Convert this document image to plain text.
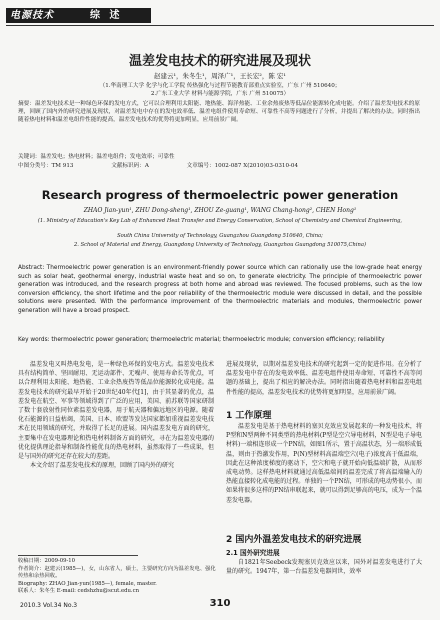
电源技术	综 述
温差发电技术的研究进展及现状
赵建云¹，朱冬生¹，周泽广¹，王长宏²，陈 宏¹
（1.华南理工大学 化学与化工学院 传热强化与过程节能教育部重点实验室，广东 广州 510640；
2.广东工业大学 材料与能源学院，广东 广州 510075）
摘要：温差发电技术是一种绿色环保的发电方式，它可以合理利用太阳能、地热能、海洋热能、工业余热废热等低品位能源转化成电能。介绍了温差发电技术的原理，回顾了国内外的研究进展及现状，对温差发电中存在的发电效率低、温差电组件使用寿命短、可靠性不高等问题进行了分析，并提出了解决的办法。同时指出随着热电材料和温差电组件性能的提高，温差发电技术的优势将更加明显，应用前景广阔。
关键词：温差发电；热电材料；温差电组件；发电效率；可靠性
中图分类号：TM 913	文献标识码：A	文章编号：1002-087 X(2010)03-0310-04
Research progress of thermoelectric power generation
ZHAO Jian-yun¹, ZHU Dong-sheng¹, ZHOU Ze-guang¹, WANG Chang-hong², CHEN Hong¹
(1. Ministry of Education's Key Lab of Enhanced Heat Transfer and Energy Conservation, School of Chemistry and Chemical Engineering,
South China University of Technology, Guangzhou Guangdong 510640, China;
2. School of Material and Energy, Guangdong University of Technology, Guangzhou Guangdong 510075,China)
Abstract: Thermoelectric power generation is an environment-friendly power source which can rationally use the low-grade heat energy such as solar heat, geothermal energy, industrial waste heat and so on, to generate electricity. The principle of thermoelectric power generation was introduced, and the research progress at both home and abroad was reviewed. The focused problems, such as the low conversion efficiency, the short lifetime and the poor reliability of the thermoelectric module were discussed in detail, and the possible solutions were presented. With the performance improvement of the thermoelectric materials and modules, thermoelectric power generation will have a broad prospect.
Key words: thermoelectric power generation; thermoelectric material; thermoelectric module; conversion efficiency; reliability

温差发电又叫热电发电，是一种绿色环保的发电方式。温差发电技术具有结构简单、坚固耐用、无运动部件、无噪声、使用寿命长等优点，可以合理利用太阳能、地热能、工业余热废热等低品位能源转化成电能。温差发电技术的研究最早开始于20世纪40年代[1]，由于其显著的优点，温差发电在航空、军事等领域得到了广泛的应用，美国、前苏联等国家研制了数十套放射性同位素温差发电器，用于航天器和偏远地区的电源。随着化石能源的日益枯竭，美国、日本、欧盟等发达国家都加重视温差发电技术在民用领域的研究，并取得了长足的进展。国内温差发电方面的研究，主要集中在发电器理论和热电材料制备方面的研究，寻在为温差发电器的优化提供理论指导和制备性能优良的热电材料，虽然取得了一些成果，但是与国外的研究还存在较大的差距。

本文介绍了温差发电技术的原理，回顾了国内外的研究

收稿日期：2009-09-10
作者简介：赵建云(1985—)，女，山东省人，硕士，主要研究方向为温差发电、强化传热和余热回收。
Biography: ZHAO Jian-yun(1985—), female, master.
联系人：朱冬生 E-mail: cedshzhu@scut.edu.cn

进展及现状，以期对温差发电技术的研究起到一定的促进作用。在分析了温差发电中存在的发电效率低、温差电组件使用寿命短、可靠性不高等问题的基础上，提出了相应的解决办法。同时指出随着热电材料和温差电组件性能的提高，温差发电技术的优势将更加明显，应用前景广阔。

1 工作原理

温差发电是基于热电材料的塞贝克效应发展起来的一种发电技术，将P型和N型两种不同类型的热电材料(P型是空穴导电材料，N型是电子导电材料)一端相连形成一个PN结，如图1所示，置于高温状态，另一端形成低温，则由于热激发作用，P(N)型材料高温端空穴(电子)浓度高于低温端，因此在这种浓度梯度的驱动下，空穴和电子就开始向低温端扩散，从而形成电动势。这样热电材料就通过高低温端间的温差完成了将高温端输入的热能直接转化成电能的过程。单独的一个PN结，可形成的电动势很小，而如果将很多这样的PN结串联起来，就可以得到足够高的电压，成为一个温差发电器。

2 国内外温差发电技术的研究进展
2.1 国外研究进展

自1821年Seebeck发现塞贝克效应以来，国外对温差发电进行了大量的研究。1947年，第一台温差发电器问世，效率

2010.3 Vol.34 No.3	310
